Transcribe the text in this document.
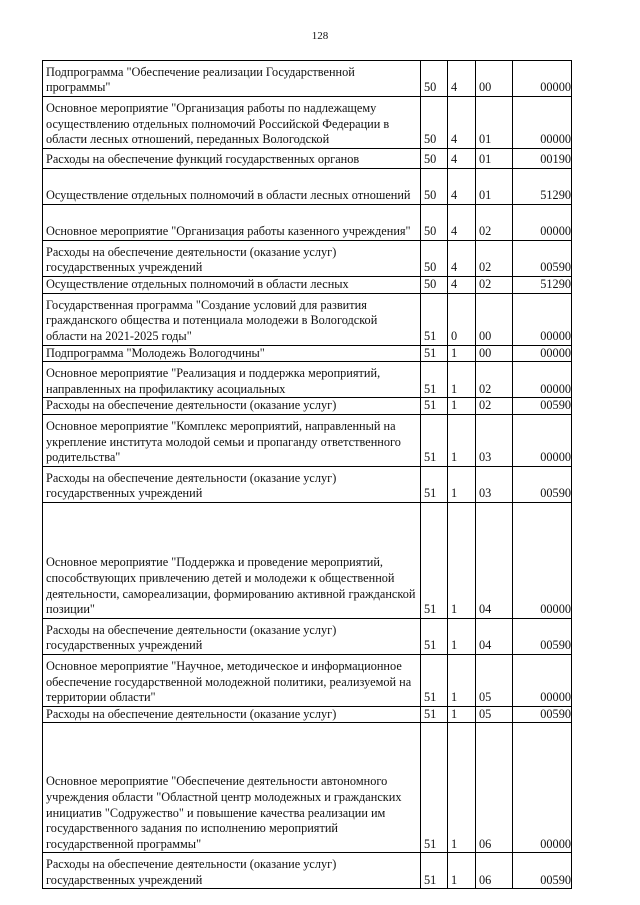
128
Подпрограмма "Обеспечение реализации Государственной программы"	50	4	00	00000
Основное мероприятие "Организация работы по надлежащему осуществлению отдельных полномочий Российской Федерации в области лесных отношений, переданных Вологодской	50	4	01	00000
Расходы на обеспечение функций государственных органов	50	4	01	00190
Осуществление отдельных полномочий в области лесных отношений	50	4	01	51290
Основное мероприятие "Организация работы казенного учреждения"	50	4	02	00000
Расходы на обеспечение деятельности (оказание услуг) государственных учреждений	50	4	02	00590
Осуществление отдельных полномочий в области лесных	50	4	02	51290
Государственная программа "Создание условий для развития гражданского общества и потенциала молодежи в Вологодской области на 2021-2025 годы"	51	0	00	00000
Подпрограмма "Молодежь Вологодчины"	51	1	00	00000
Основное мероприятие "Реализация и поддержка мероприятий, направленных на профилактику асоциальных	51	1	02	00000
Расходы на обеспечение деятельности (оказание услуг)	51	1	02	00590
Основное мероприятие "Комплекс мероприятий, направленный на укрепление института молодой семьи и пропаганду ответственного родительства"	51	1	03	00000
Расходы на обеспечение деятельности (оказание услуг) государственных учреждений	51	1	03	00590
Основное мероприятие "Поддержка и проведение мероприятий, способствующих привлечению детей и молодежи к общественной деятельности, самореализации, формированию активной гражданской позиции"	51	1	04	00000
Расходы на обеспечение деятельности (оказание услуг) государственных учреждений	51	1	04	00590
Основное мероприятие "Научное, методическое и информационное обеспечение государственной молодежной политики, реализуемой на территории области"	51	1	05	00000
Расходы на обеспечение деятельности (оказание услуг)	51	1	05	00590
Основное мероприятие "Обеспечение деятельности автономного учреждения области "Областной центр молодежных и гражданских инициатив "Содружество" и повышение качества реализации им государственного задания по исполнению мероприятий государственной программы"	51	1	06	00000
Расходы на обеспечение деятельности (оказание услуг) государственных учреждений	51	1	06	00590
